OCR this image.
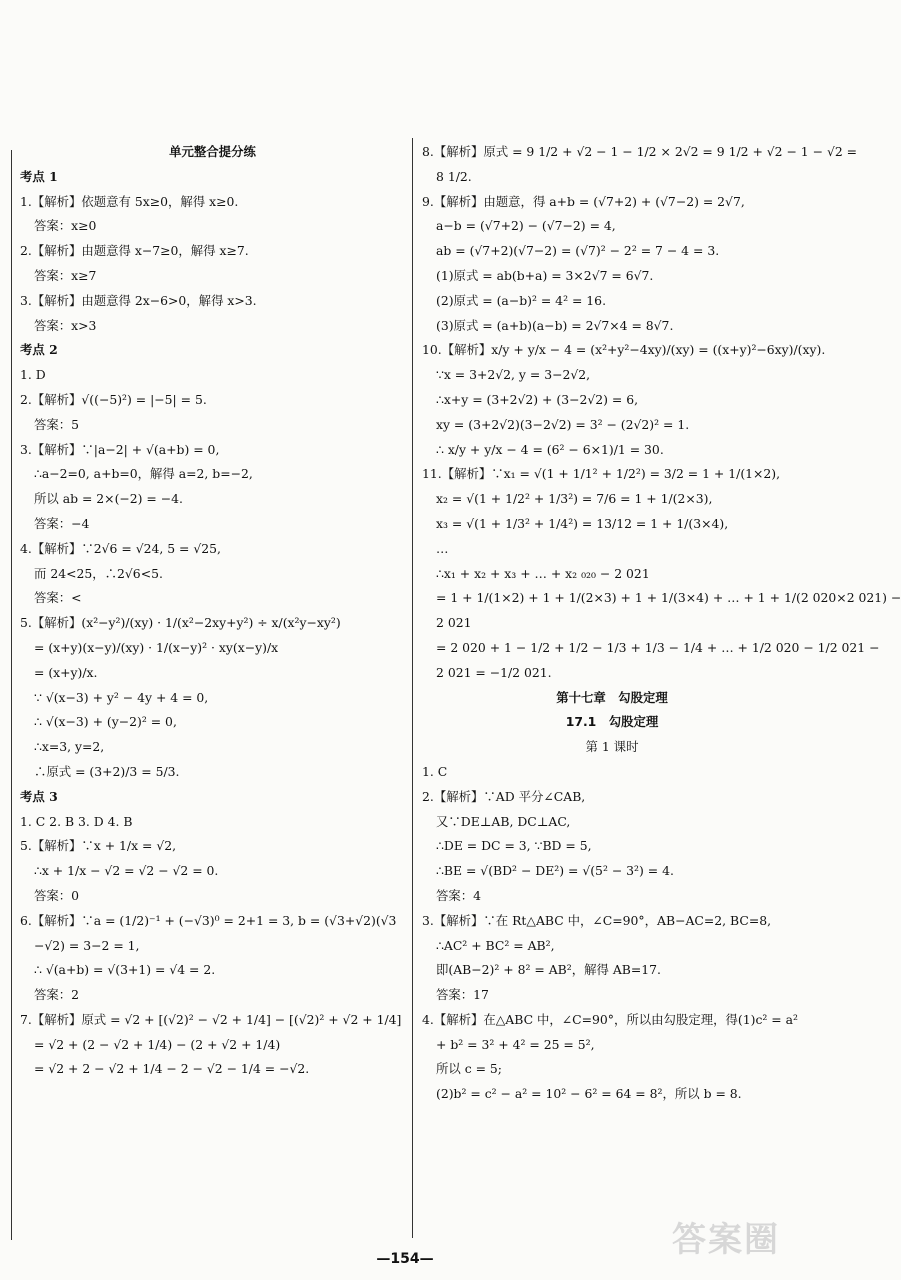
单元整合提分练
考点 1
1.【解析】依题意有 5x≥0，解得 x≥0.
答案：x≥0
2.【解析】由题意得 x−7≥0，解得 x≥7.
答案：x≥7
3.【解析】由题意得 2x−6>0，解得 x>3.
答案：x>3
考点 2
1. D
2.【解析】√((−5)²) = |−5| = 5.
答案：5
3.【解析】∵|a−2| + √(a+b) = 0,
∴a−2=0, a+b=0，解得 a=2, b=−2,
所以 ab = 2×(−2) = −4.
答案：−4
4.【解析】∵2√6 = √24, 5 = √25,
而 24<25，∴2√6<5.
答案：<
5.【解析】(x²−y²)/(xy) · 1/(x²−2xy+y²) ÷ x/(x²y−xy²)
= (x+y)(x−y)/(xy) · 1/(x−y)² · xy(x−y)/x
= (x+y)/x.
∵ √(x−3) + y² − 4y + 4 = 0,
∴ √(x−3) + (y−2)² = 0,
∴x=3, y=2,
∴原式 = (3+2)/3 = 5/3.
考点 3
1. C 2. B 3. D 4. B
5.【解析】∵x + 1/x = √2,
∴x + 1/x − √2 = √2 − √2 = 0.
答案：0
6.【解析】∵a = (1/2)⁻¹ + (−√3)⁰ = 2+1 = 3, b = (√3+√2)(√3
−√2) = 3−2 = 1,
∴ √(a+b) = √(3+1) = √4 = 2.
答案：2
7.【解析】原式 = √2 + [(√2)² − √2 + 1/4] − [(√2)² + √2 + 1/4]
= √2 + (2 − √2 + 1/4) − (2 + √2 + 1/4)
= √2 + 2 − √2 + 1/4 − 2 − √2 − 1/4 = −√2.
8.【解析】原式 = 9 1/2 + √2 − 1 − 1/2 × 2√2 = 9 1/2 + √2 − 1 − √2 =
8 1/2.
9.【解析】由题意，得 a+b = (√7+2) + (√7−2) = 2√7,
a−b = (√7+2) − (√7−2) = 4,
ab = (√7+2)(√7−2) = (√7)² − 2² = 7 − 4 = 3.
(1)原式 = ab(b+a) = 3×2√7 = 6√7.
(2)原式 = (a−b)² = 4² = 16.
(3)原式 = (a+b)(a−b) = 2√7×4 = 8√7.
10.【解析】x/y + y/x − 4 = (x²+y²−4xy)/(xy) = ((x+y)²−6xy)/(xy).
∵x = 3+2√2, y = 3−2√2,
∴x+y = (3+2√2) + (3−2√2) = 6,
xy = (3+2√2)(3−2√2) = 3² − (2√2)² = 1.
∴ x/y + y/x − 4 = (6² − 6×1)/1 = 30.
11.【解析】∵x₁ = √(1 + 1/1² + 1/2²) = 3/2 = 1 + 1/(1×2),
x₂ = √(1 + 1/2² + 1/3²) = 7/6 = 1 + 1/(2×3),
x₃ = √(1 + 1/3² + 1/4²) = 13/12 = 1 + 1/(3×4),
…
∴x₁ + x₂ + x₃ + … + x₂ ₀₂₀ − 2 021
= 1 + 1/(1×2) + 1 + 1/(2×3) + 1 + 1/(3×4) + … + 1 + 1/(2 020×2 021) −
2 021
= 2 020 + 1 − 1/2 + 1/2 − 1/3 + 1/3 − 1/4 + … + 1/2 020 − 1/2 021 −
2 021 = −1/2 021.
第十七章　勾股定理
17.1　勾股定理
第 1 课时
1. C
2.【解析】∵AD 平分∠CAB,
又∵DE⊥AB, DC⊥AC,
∴DE = DC = 3, ∵BD = 5,
∴BE = √(BD² − DE²) = √(5² − 3²) = 4.
答案：4
3.【解析】∵在 Rt△ABC 中，∠C=90°，AB−AC=2, BC=8,
∴AC² + BC² = AB²,
即(AB−2)² + 8² = AB²，解得 AB=17.
答案：17
4.【解析】在△ABC 中，∠C=90°，所以由勾股定理，得(1)c² = a²
+ b² = 3² + 4² = 25 = 5²,
所以 c = 5;
(2)b² = c² − a² = 10² − 6² = 64 = 8²，所以 b = 8.
答案圈
—154—
